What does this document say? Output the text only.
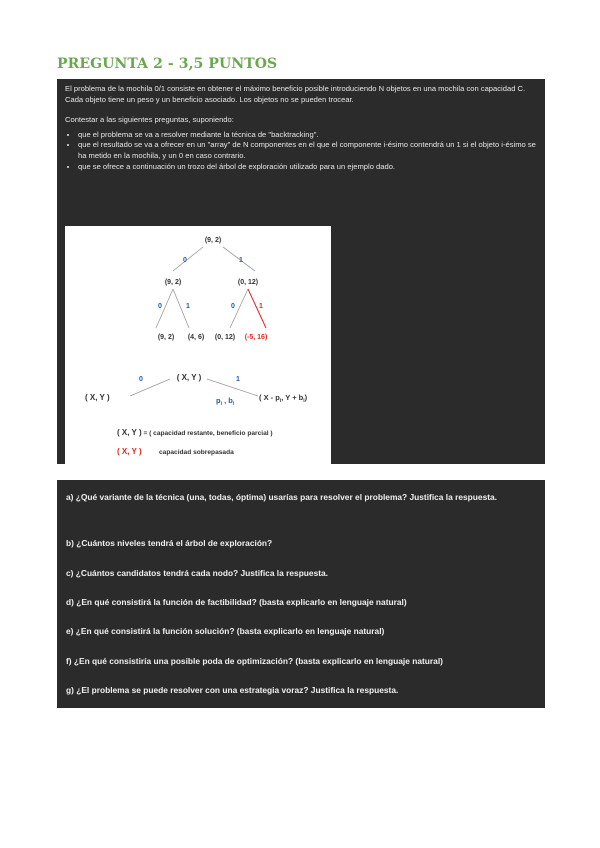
PREGUNTA 2 - 3,5 PUNTOS

El problema de la mochila 0/1 consiste en obtener el máximo beneficio posible introduciendo N objetos en una mochila con capacidad C. Cada objeto tiene un peso y un beneficio asociado. Los objetos no se pueden trocear.

Contestar a las siguientes preguntas, suponiendo:

• que el problema se va a resolver mediante la técnica de "backtracking".
• que el resultado se va a ofrecer en un "array" de N componentes en el que el componente i-ésimo contendrá un 1 si el objeto i-ésimo se ha metido en la mochila, y un 0 en caso contrario.
• que se ofrece a continuación un trozo del árbol de exploración utilizado para un ejemplo dado.
0	1
0	1	0	1
(9, 2)
(9, 2)	(0, 12)
(9, 2) (4, 6) (0, 12) (-5, 16)
( X, Y )
0	1
( X, Y )	$p_i$ , $b_i$
( X - $p_i$, $Y + b_i$)
( X, Y ) = ( capacidad restante, beneficio parcial )
( X, Y )	capacidad sobrepasada
a) ¿Qué variante de la técnica (una, todas, óptima) usarías para resolver el problema? Justifica la respuesta.
b) ¿Cuántos niveles tendrá el árbol de exploración?
c) ¿Cuántos candidatos tendrá cada nodo? Justifica la respuesta.
d) ¿En qué consistirá la función de factibilidad? (basta explicarlo en lenguaje natural)
e) ¿En qué consistirá la función solución? (basta explicarlo en lenguaje natural)
f) ¿En qué consistiría una posible poda de optimización? (basta explicarlo en lenguaje natural)
g) ¿El problema se puede resolver con una estrategia voraz? Justifica la respuesta.
